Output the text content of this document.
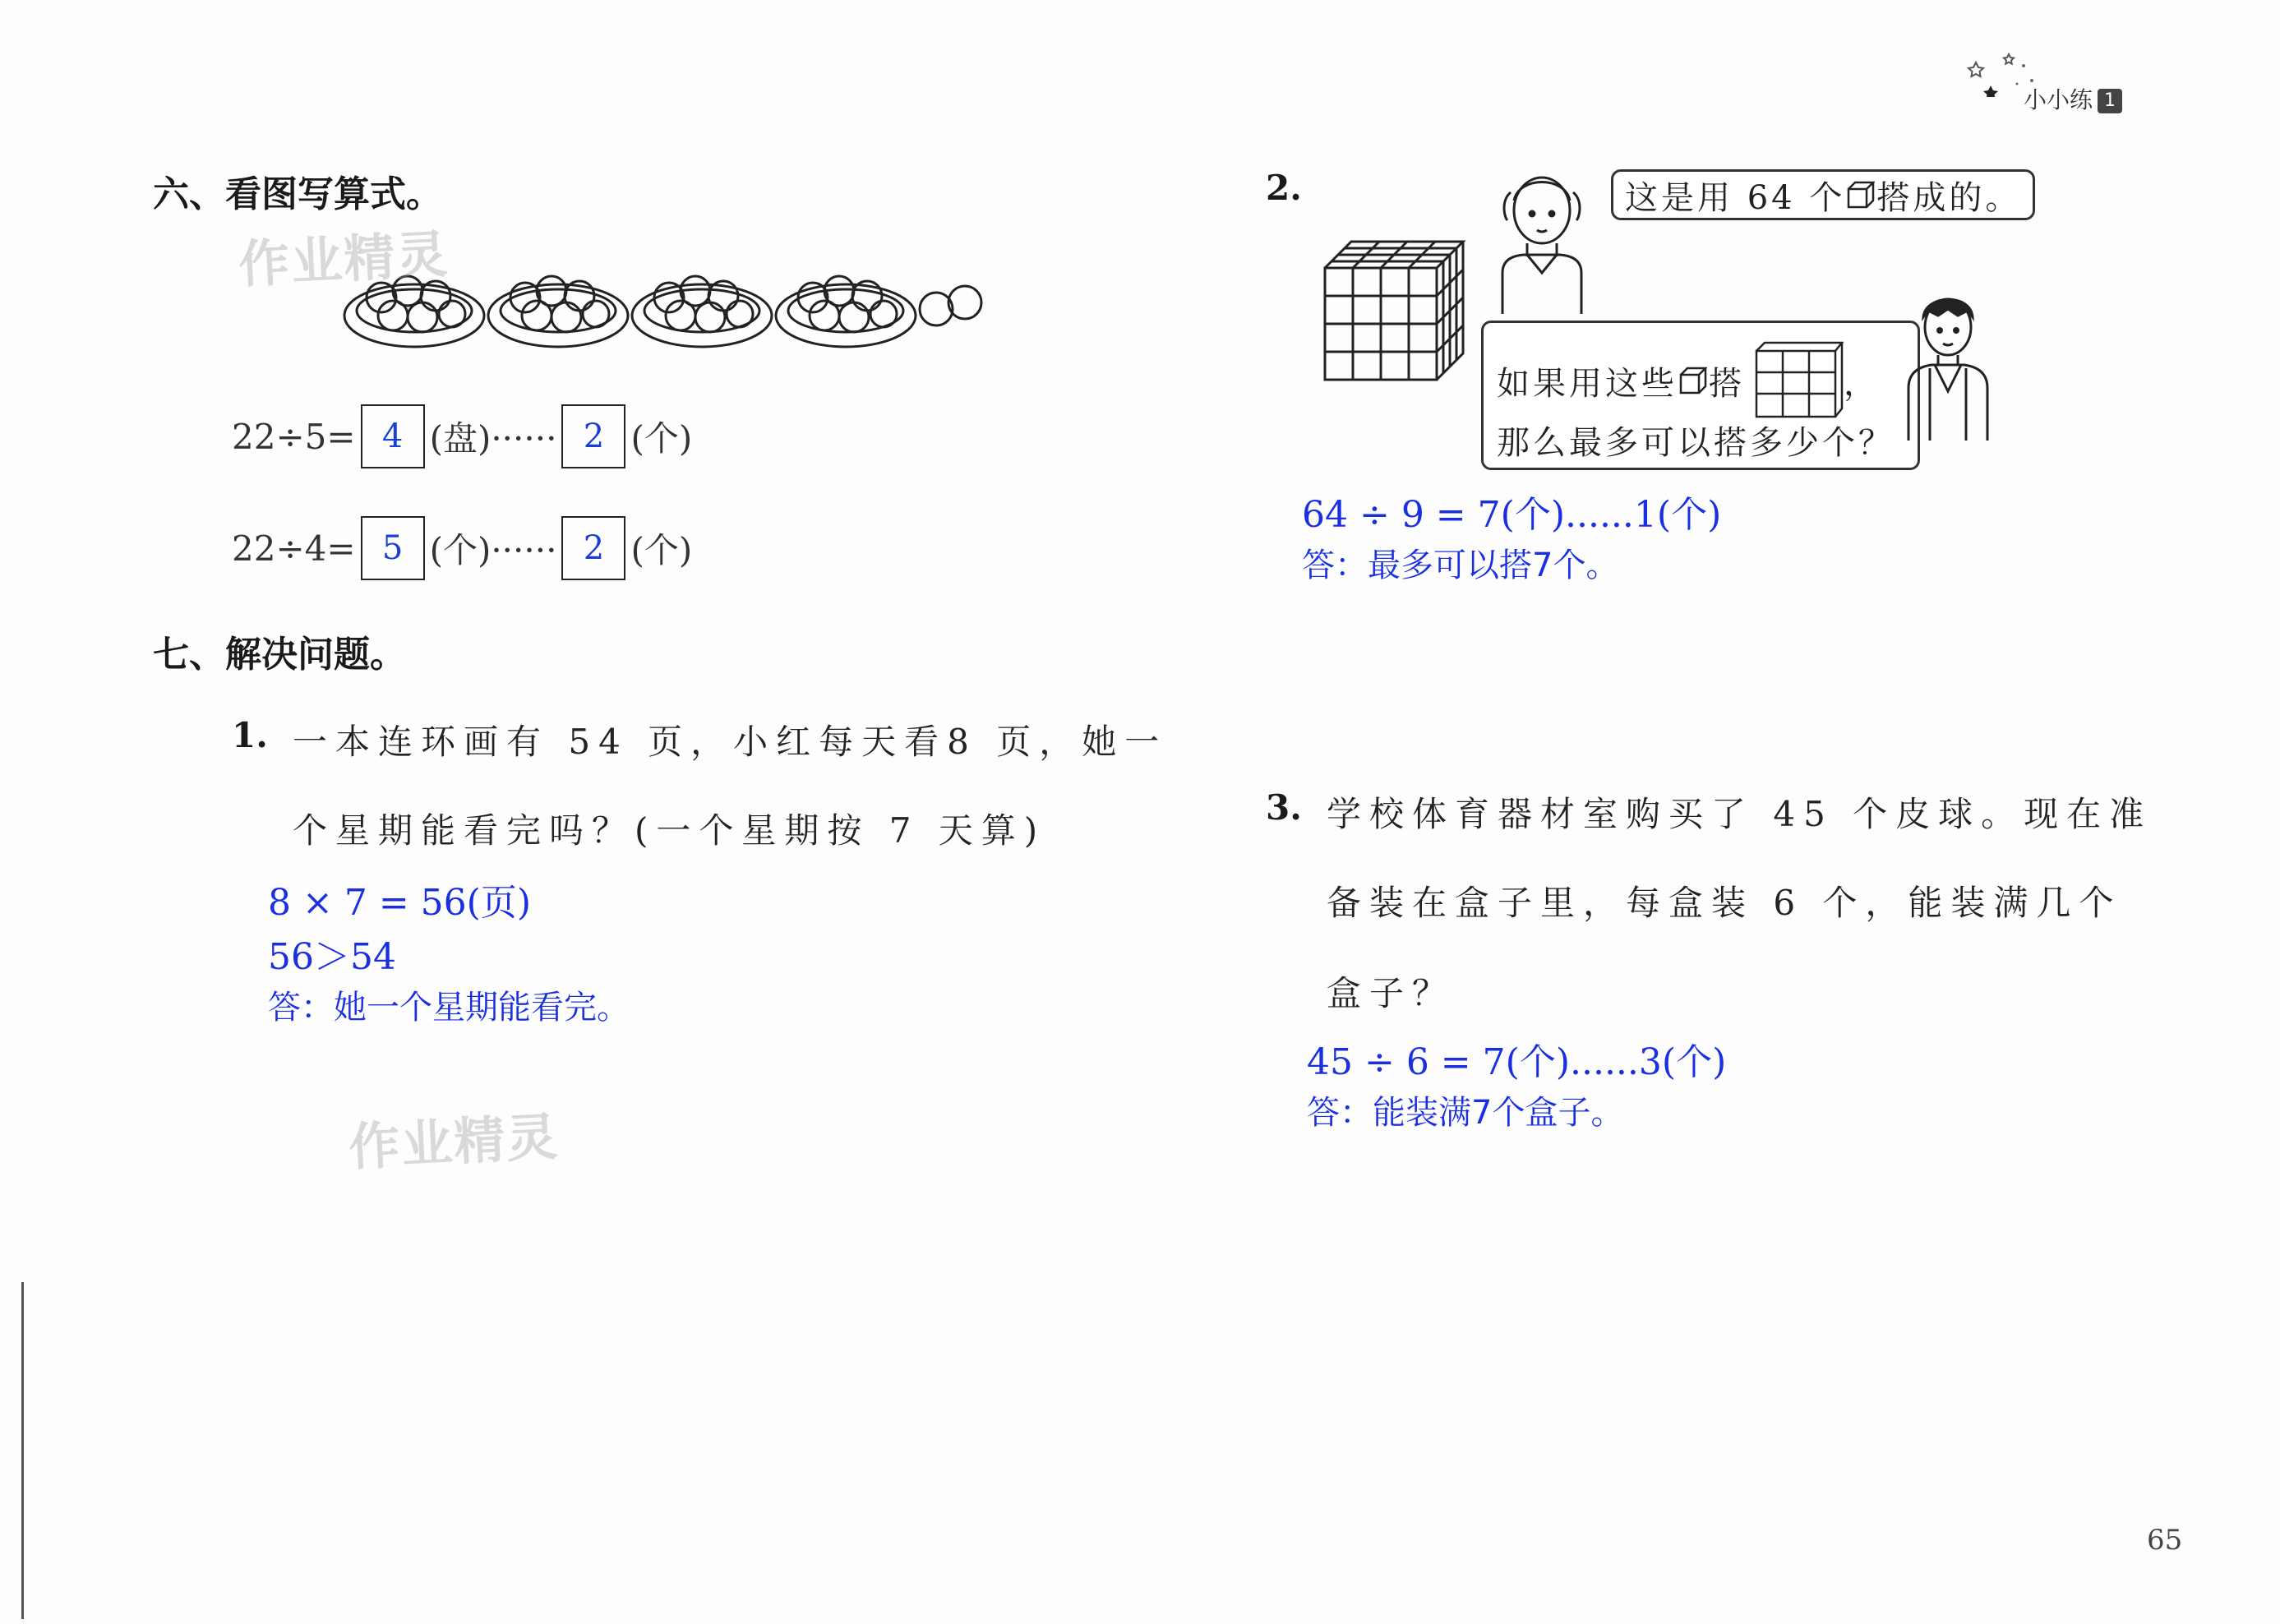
小小练 1
六、看图写算式。
作业精灵
22÷5= 4 (盘)······ 2 (个)
22÷4= 5 (个)······ 2 (个)
七、解决问题。
1. 一本连环画有 54 页，小红每天看8 页，她一
个星期能看完吗？(一个星期按 7 天算)
8 × 7 = 56(页)
56＞54
答：她一个星期能看完。
作业精灵
2.	这是用 64 个 搭成的。
如果用这些 搭	，
那么最多可以搭多少个？
64 ÷ 9 = 7(个)......1(个)
答：最多可以搭7个。
3. 学校体育器材室购买了 45 个皮球。现在准
备装在盒子里，每盒装 6 个，能装满几个
盒子？
45 ÷ 6 = 7(个)......3(个)
答：能装满7个盒子。
65
